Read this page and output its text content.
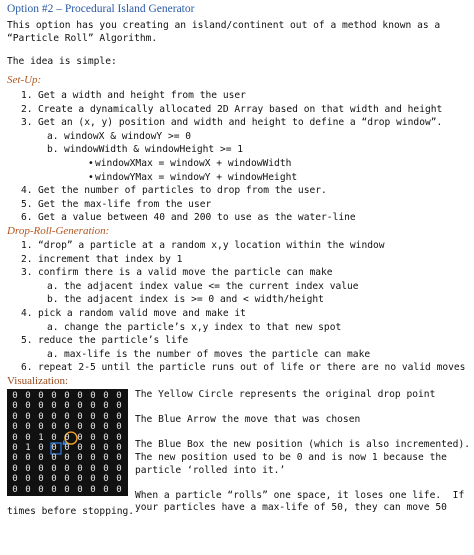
Option #2 – Procedural Island Generator
This option has you creating an island/continent out of a method known as a
“Particle Roll” Algorithm.
The idea is simple:
Set-Up:
1. Get a width and height from the user
2. Create a dynamically allocated 2D Array based on that width and height
3. Get an (x, y) position and width and height to define a “drop window”.
a. windowX & windowY >= 0
b. windowWidth & windowHeight >= 1
• windowXMax = windowX + windowWidth
• windowYMax = windowY + windowHeight
4. Get the number of particles to drop from the user.
5. Get the max-life from the user
6. Get a value between 40 and 200 to use as the water-line
Drop-Roll-Generation:
1. “drop” a particle at a random x,y location within the window
2. increment that index by 1
3. confirm there is a valid move the particle can make
a. the adjacent index value <= the current index value
b. the adjacent index is >= 0 and < width/height
4. pick a random valid move and make it
a. change the particle’s x,y index to that new spot
5. reduce the particle’s life
a. max-life is the number of moves the particle can make
6. repeat 2-5 until the particle runs out of life or there are no valid moves
Visualization:
0 0 0 0 0 0 0 0 0
0 0 0 0 0 0 0 0 0
0 0 0 0 0 0 0 0 0
0 0 0 0 0 0 0 0 0
0 0 1 0 0 0 0 0 0
0 1 0 0 0 0 0 0 0
0 0 0 0 0 0 0 0 0
0 0 0 0 0 0 0 0 0
0 0 0 0 0 0 0 0 0
0 0 0 0 0 0 0 0 0
The Yellow Circle represents the original drop point
The Blue Arrow the move that was chosen
The Blue Box the new position (which is also incremented).
The new position used to be 0 and is now 1 because the
particle ‘rolled into it.’
When a particle “rolls” one space, it loses one life.  If
your particles have a max-life of 50, they can move 50
times before stopping.
